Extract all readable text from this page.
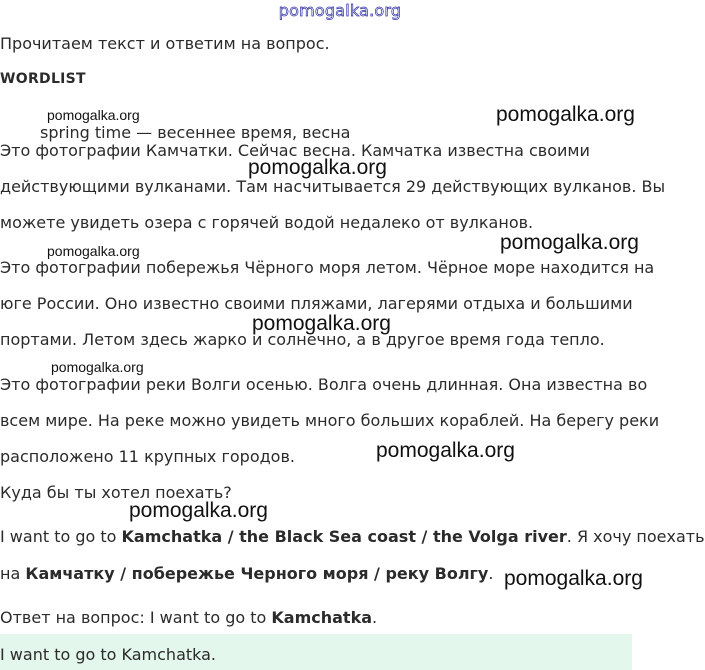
pomogalka.org
Прочитаем текст и ответим на вопрос.
WORDLIST
spring time — весеннее время, весна
Это фотографии Камчатки. Сейчас весна. Камчатка известна своими
действующими вулканами. Там насчитывается 29 действующих вулканов. Вы
можете увидеть озера с горячей водой недалеко от вулканов.
Это фотографии побережья Чёрного моря летом. Чёрное море находится на
юге России. Оно известно своими пляжами, лагерями отдыха и большими
портами. Летом здесь жарко и солнечно, а в другое время года тепло.
Это фотографии реки Волги осенью. Волга очень длинная. Она известна во
всем мире. На реке можно увидеть много больших кораблей. На берегу реки
расположено 11 крупных городов.
Куда бы ты хотел поехать?
I want to go to Kamchatka / the Black Sea coast / the Volga river. Я хочу поехать
на Камчатку / побережье Черного моря / реку Волгу.
Ответ на вопрос: I want to go to Kamchatka.
I want to go to Kamchatka.
pomogalka.org	pomogalka.org
pomogalka.org
pomogalka.org	pomogalka.org
pomogalka.org
pomogalka.org
pomogalka.org
pomogalka.org
pomogalka.org
